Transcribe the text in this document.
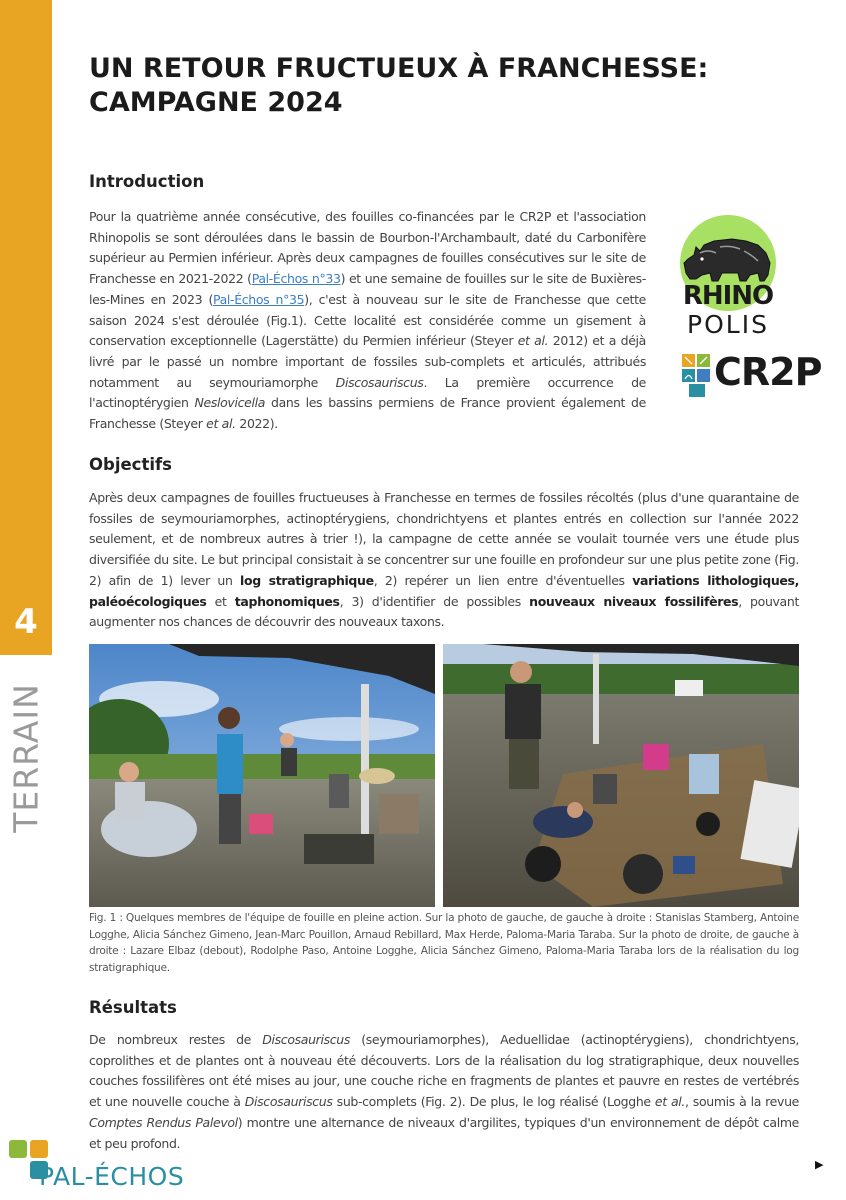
4
TERRAIN
UN RETOUR FRUCTUEUX À FRANCHESSE:
CAMPAGNE 2024
Introduction

Pour la quatrième année consécutive, des fouilles co-financées par le CR2P et l'association Rhinopolis se sont déroulées dans le bassin de Bourbon-l'Archambault, daté du Carbonifère supérieur au Permien inférieur. Après deux campagnes de fouilles consécutives sur le site de Franchesse en 2021-2022 (Pal-Échos n°33) et une semaine de fouilles sur le site de Buxières-les-Mines en 2023 (Pal-Échos n°35), c'est à nouveau sur le site de Franchesse que cette saison 2024 s'est déroulée (Fig.1). Cette localité est considérée comme un gisement à conservation exceptionnelle (Lagerstätte) du Permien inférieur (Steyer et al. 2012) et a déjà livré par le passé un nombre important de fossiles sub-complets et articulés, attribués notamment au seymouriamorphe Discosauriscus. La première occurrence de l'actinoptérygien Neslovicella dans les bassins permiens de France provient également de Franchesse (Steyer et al. 2022).

RHINO
POLIS
CR2P
Objectifs

Après deux campagnes de fouilles fructueuses à Franchesse en termes de fossiles récoltés (plus d'une quarantaine de fossiles de seymouriamorphes, actinoptérygiens, chondrichtyens et plantes entrés en collection sur l'année 2022 seulement, et de nombreux autres à trier !), la campagne de cette année se voulait tournée vers une étude plus diversifiée du site. Le but principal consistait à se concentrer sur une fouille en profondeur sur une plus petite zone (Fig. 2) afin de 1) lever un log stratigraphique, 2) repérer un lien entre d'éventuelles variations lithologiques, paléoécologiques et taphonomiques, 3) d'identifier de possibles nouveaux niveaux fossilifères, pouvant augmenter nos chances de découvrir des nouveaux taxons.

Fig. 1 : Quelques membres de l'équipe de fouille en pleine action. Sur la photo de gauche, de gauche à droite : Stanislas Stamberg, Antoine Logghe, Alicia Sánchez Gimeno, Jean-Marc Pouillon, Arnaud Rebillard, Max Herde, Paloma-Maria Taraba. Sur la photo de droite, de gauche à droite : Lazare Elbaz (debout), Rodolphe Paso, Antoine Logghe, Alicia Sánchez Gimeno, Paloma-Maria Taraba lors de la réalisation du log stratigraphique.

Résultats

De nombreux restes de Discosauriscus (seymouriamorphes), Aeduellidae (actinoptérygiens), chondrichtyens, coprolithes et de plantes ont à nouveau été découverts. Lors de la réalisation du log stratigraphique, deux nouvelles couches fossilifères ont été mises au jour, une couche riche en fragments de plantes et pauvre en restes de vertébrés et une nouvelle couche à Discosauriscus sub-complets (Fig. 2). De plus, le log réalisé (Logghe et al., soumis à la revue Comptes Rendus Palevol) montre une alternance de niveaux d'argilites, typiques d'un environnement de dépôt calme et peu profond.

PAL-ÉCHOS	▶
